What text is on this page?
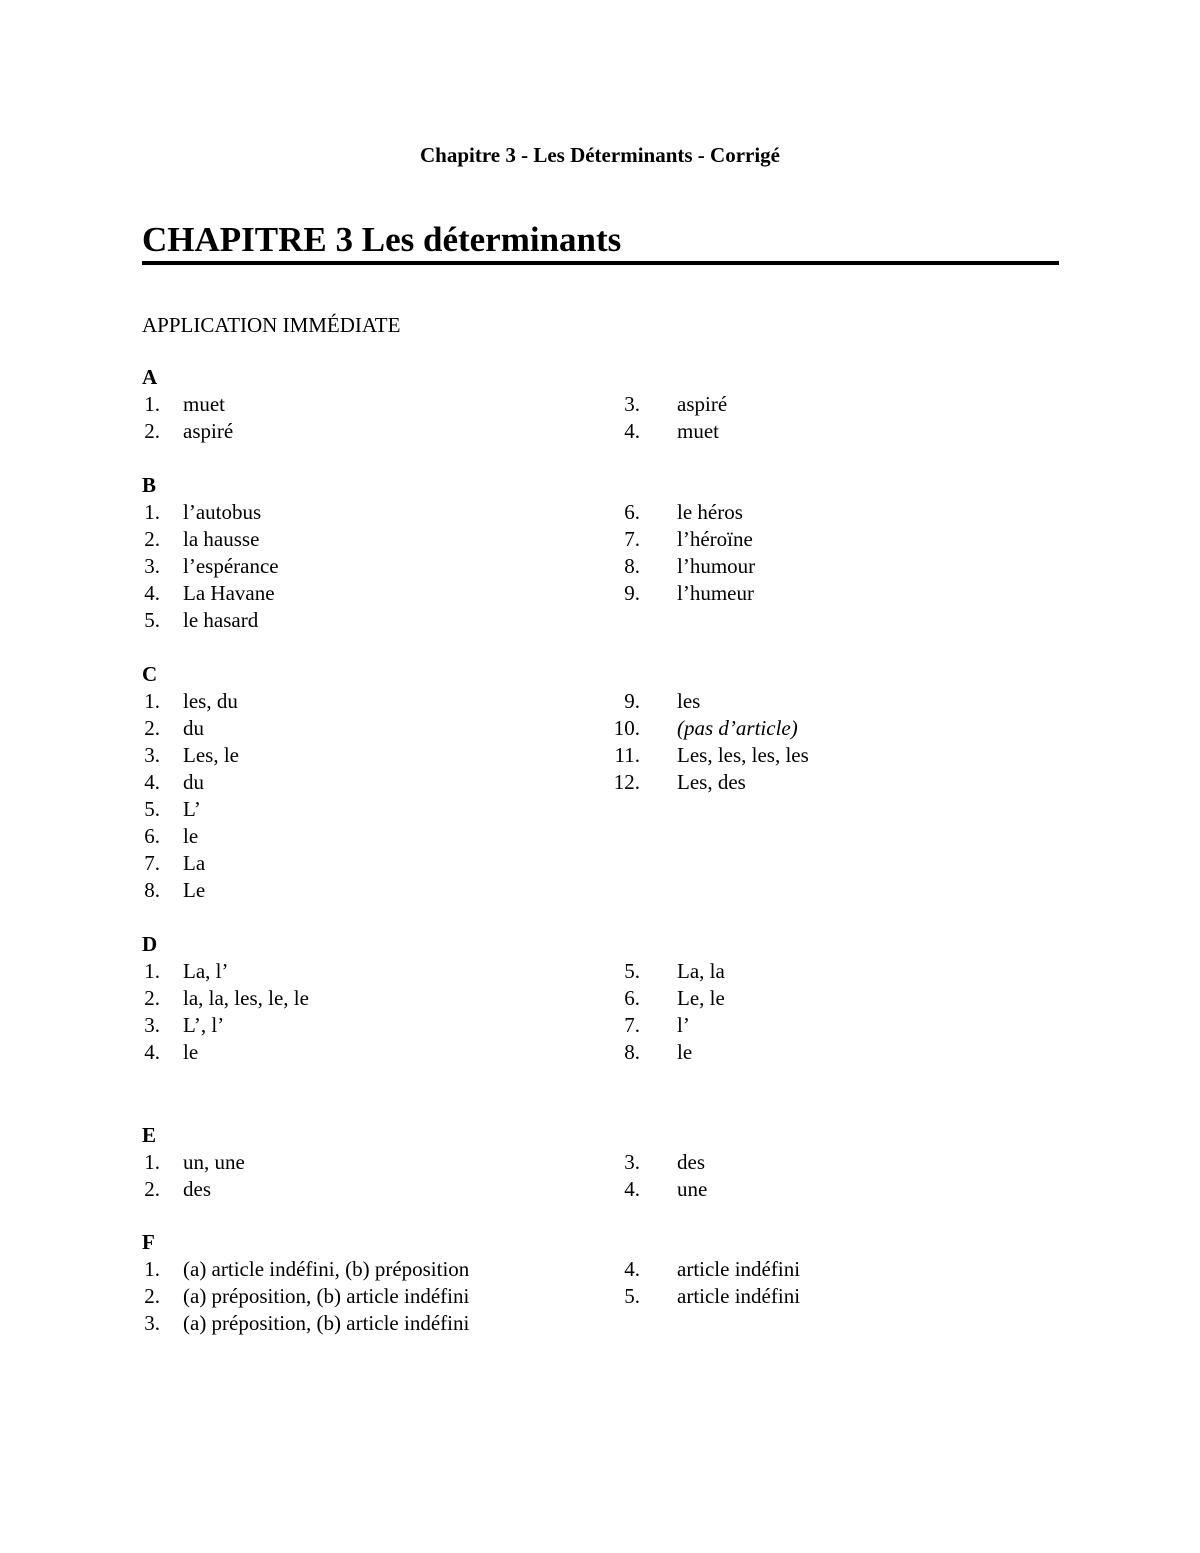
Chapitre 3 - Les Déterminants - Corrigé
CHAPITRE 3 Les déterminants
APPLICATION IMMÉDIATE
A
1. muet
2. aspiré
3. aspiré
4. muet
B
1. l’autobus
2. la hausse
3. l’espérance
4. La Havane
5. le hasard
6. le héros
7. l’héroïne
8. l’humour
9. l’humeur
C
1. les, du
2. du
3. Les, le
4. du
5. L’
6. le
7. La
8. Le
9. les
10. (pas d’article)
11. Les, les, les, les
12. Les, des
D
1. La, l’
2. la, la, les, le, le
3. L’, l’
4. le
5. La, la
6. Le, le
7. l’
8. le
E
1. un, une
2. des
3. des
4. une
F
1. (a) article indéfini, (b) préposition
2. (a) préposition, (b) article indéfini
3. (a) préposition, (b) article indéfini
4. article indéfini
5. article indéfini
